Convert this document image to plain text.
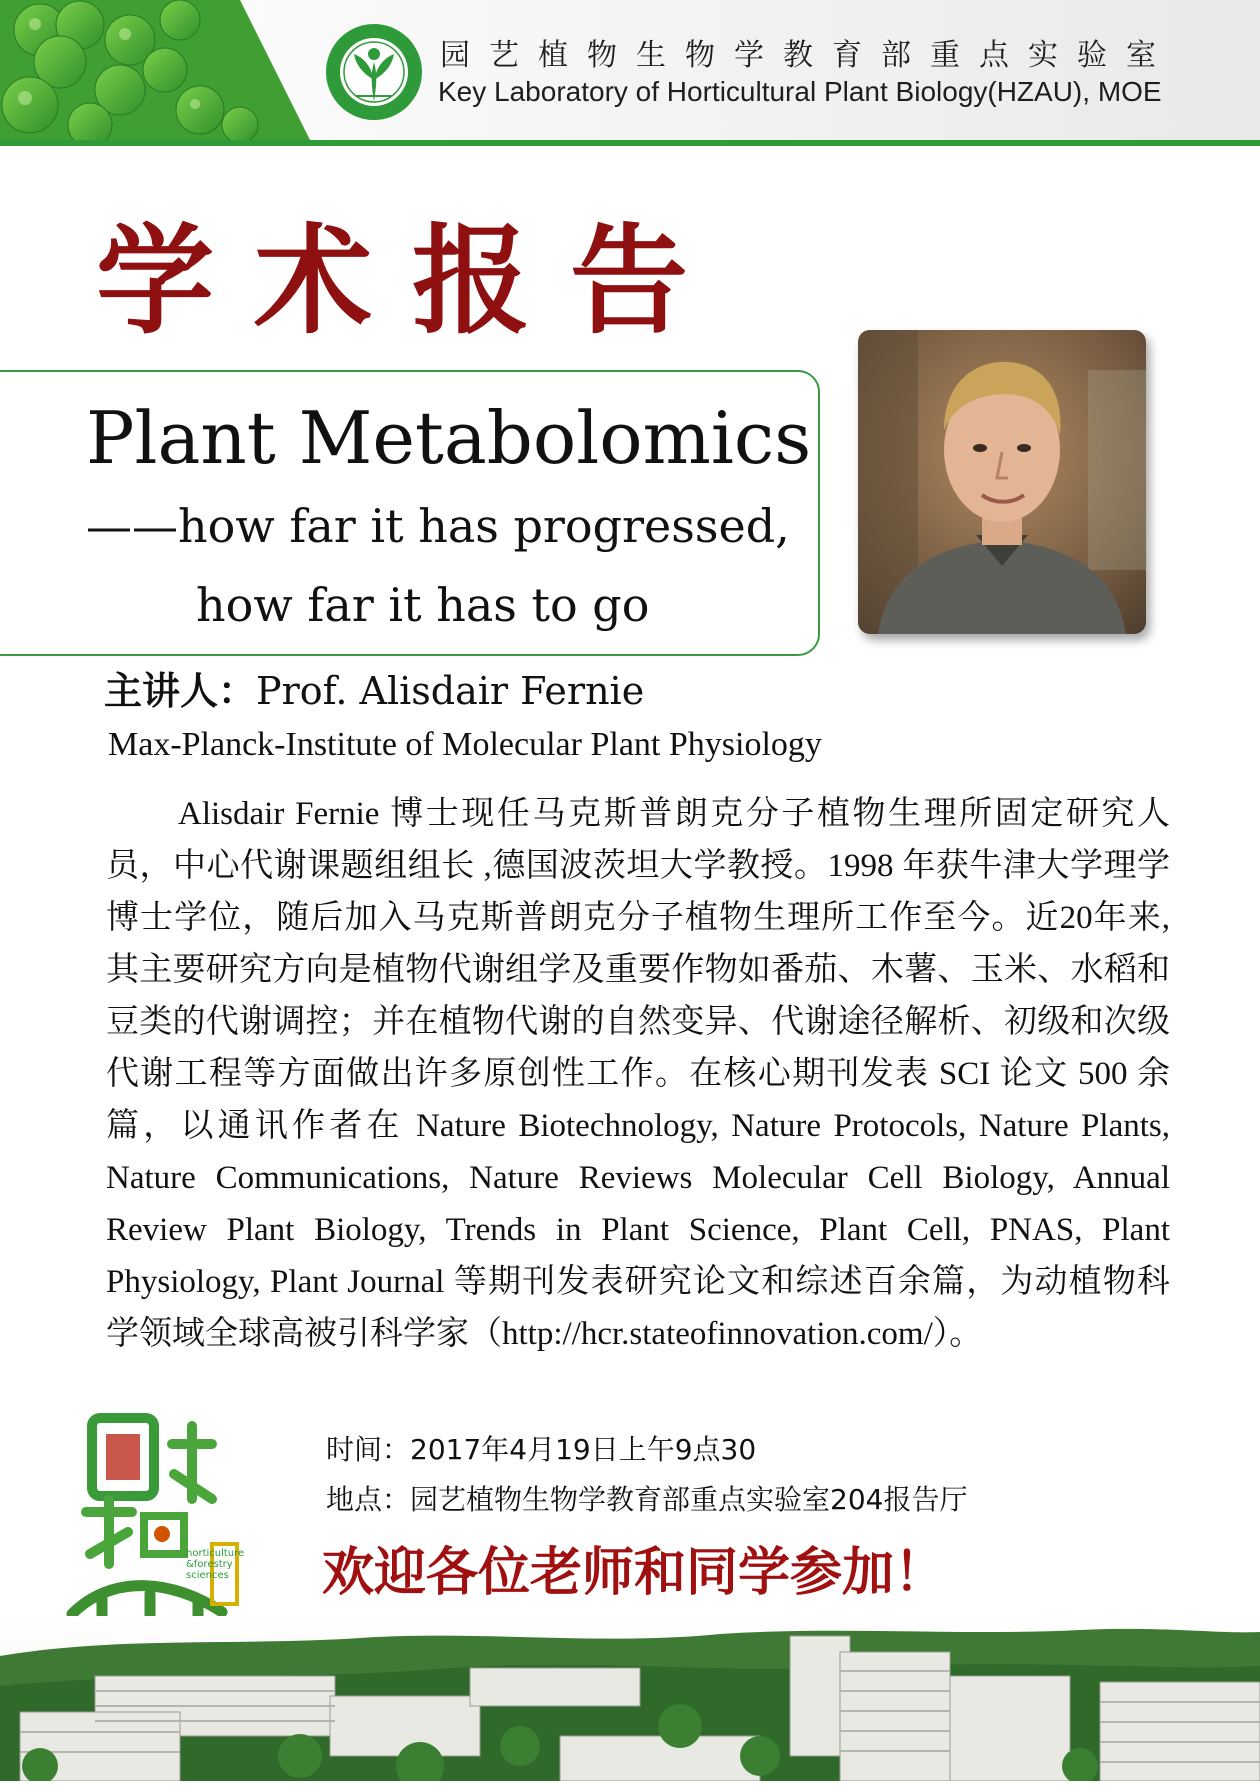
园艺植物生物学教育部重点实验室
Key Laboratory of Horticultural Plant Biology(HZAU), MOE
学术报告
Plant Metabolomics
——how far it has progressed,
how far it has to go
主讲人：Prof. Alisdair Fernie
Max-Planck-Institute of Molecular Plant Physiology

Alisdair Fernie 博士现任马克斯普朗克分子植物生理所固定研究人员，中心代谢课题组组长 ,德国波茨坦大学教授。1998 年获牛津大学理学博士学位，随后加入马克斯普朗克分子植物生理所工作至今。近20年来,其主要研究方向是植物代谢组学及重要作物如番茄、木薯、玉米、水稻和豆类的代谢调控；并在植物代谢的自然变异、代谢途径解析、初级和次级代谢工程等方面做出许多原创性工作。在核心期刊发表 SCI 论文 500 余篇，以通讯作者在 Nature Biotechnology, Nature Protocols, Nature Plants, Nature Communications, Nature Reviews Molecular Cell Biology, Annual Review Plant Biology, Trends in Plant Science, Plant Cell, PNAS, Plant Physiology, Plant Journal 等期刊发表研究论文和综述百余篇，为动植物科学领域全球高被引科学家（http://hcr.stateofinnovation.com/）。

horticulture
&forestry
sciences
时间：2017年4月19日上午9点30
地点：园艺植物生物学教育部重点实验室204报告厅
欢迎各位老师和同学参加！
